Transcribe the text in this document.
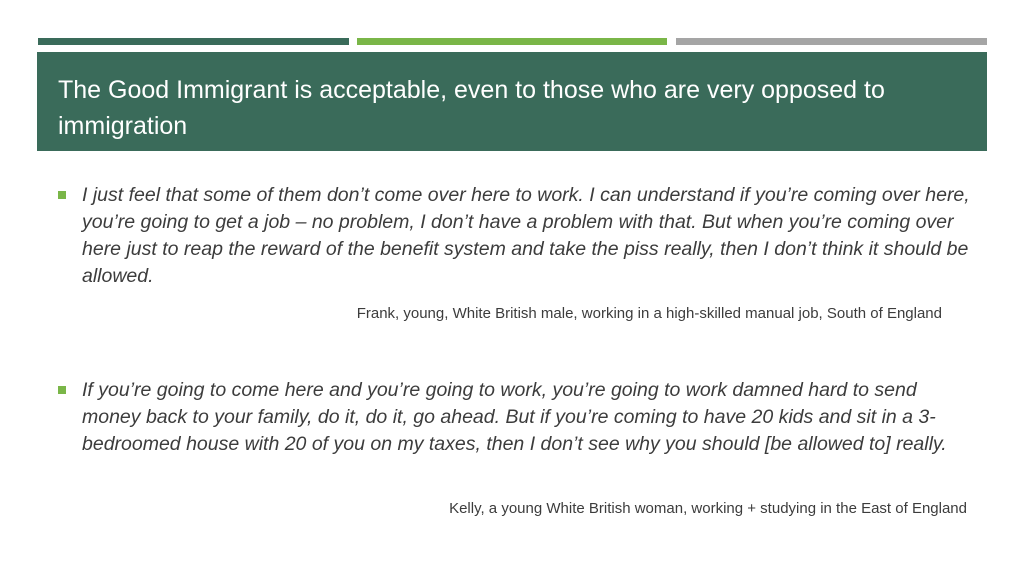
The Good Immigrant is acceptable, even to those who are very opposed to immigration

I just feel that some of them don’t come over here to work. I can understand if you’re coming over here, you’re going to get a job – no problem, I don’t have a problem with that. But when you’re coming over here just to reap the reward of the benefit system and take the piss really, then I don’t think it should be allowed.

Frank, young, White British male, working in a high-skilled manual job, South of England

If you’re going to come here and you’re going to work, you’re going to work damned hard to send money back to your family, do it, do it, go ahead. But if you’re coming to have 20 kids and sit in a 3-bedroomed house with 20 of you on my taxes, then I don’t see why you should [be allowed to] really.

Kelly, a young White British woman, working + studying in the East of England
